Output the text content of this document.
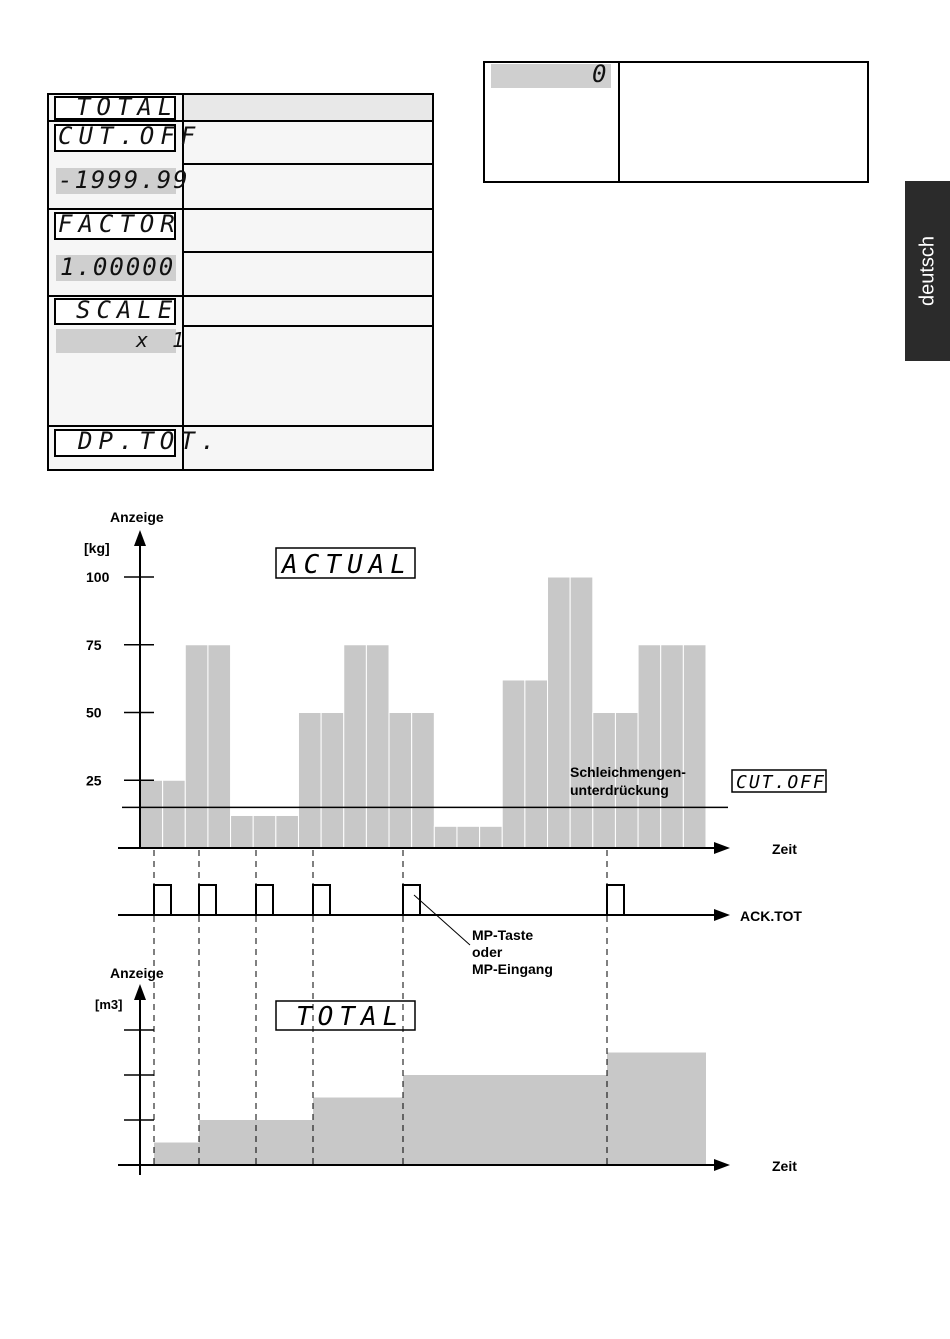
deutsch
TOTAL
CUT.OFF
-1999.99
FACTOR
1.00000
SCALE
x 1
DP.TOT.
0
100
75
50
25
Anzeige
[kg]
Zeit
Schleichmengen-
unterdrückung
ACTUAL
CUT.OFF
ACK.TOT
MP-Taste
oder
MP-Eingang
Anzeige
[m3]
Zeit
TOTAL
